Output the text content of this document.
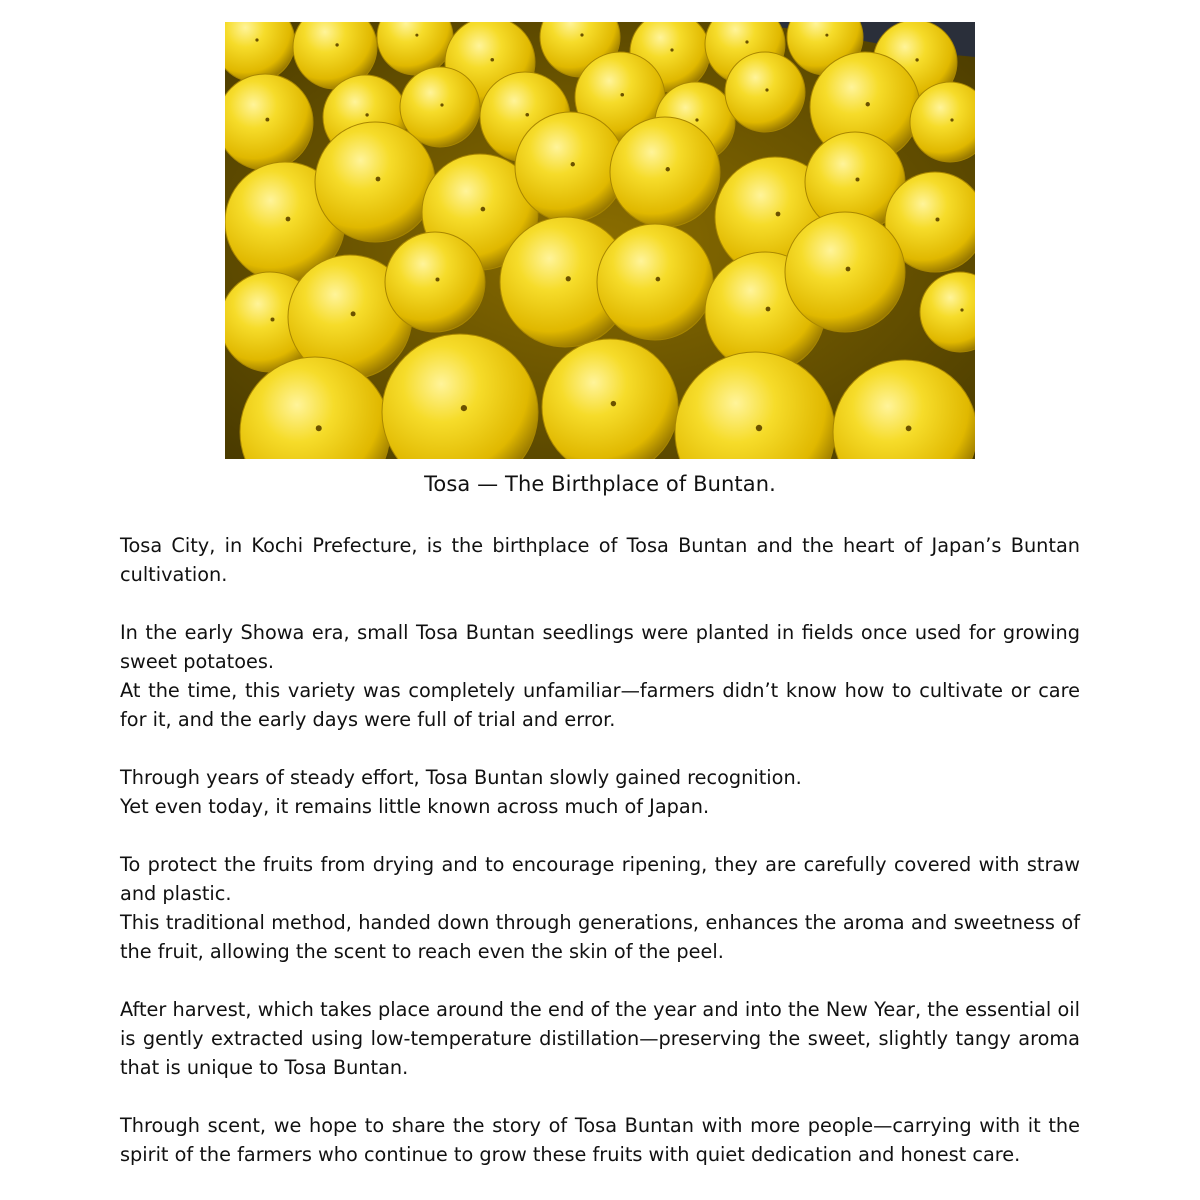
Tosa — The Birthplace of Buntan.

Tosa City, in Kochi Prefecture, is the birthplace of Tosa Buntan and the heart of Japan’s Buntan cultivation.

In the early Showa era, small Tosa Buntan seedlings were planted in fields once used for growing sweet potatoes.
At the time, this variety was completely unfamiliar—farmers didn’t know how to cultivate or care for it, and the early days were full of trial and error.

Through years of steady effort, Tosa Buntan slowly gained recognition.
Yet even today, it remains little known across much of Japan.

To protect the fruits from drying and to encourage ripening, they are carefully covered with straw and plastic.
This traditional method, handed down through generations, enhances the aroma and sweetness of the fruit, allowing the scent to reach even the skin of the peel.

After harvest, which takes place around the end of the year and into the New Year, the essential oil is gently extracted using low-temperature distillation—preserving the sweet, slightly tangy aroma that is unique to Tosa Buntan.

Through scent, we hope to share the story of Tosa Buntan with more people—carrying with it the spirit of the farmers who continue to grow these fruits with quiet dedication and honest care.
